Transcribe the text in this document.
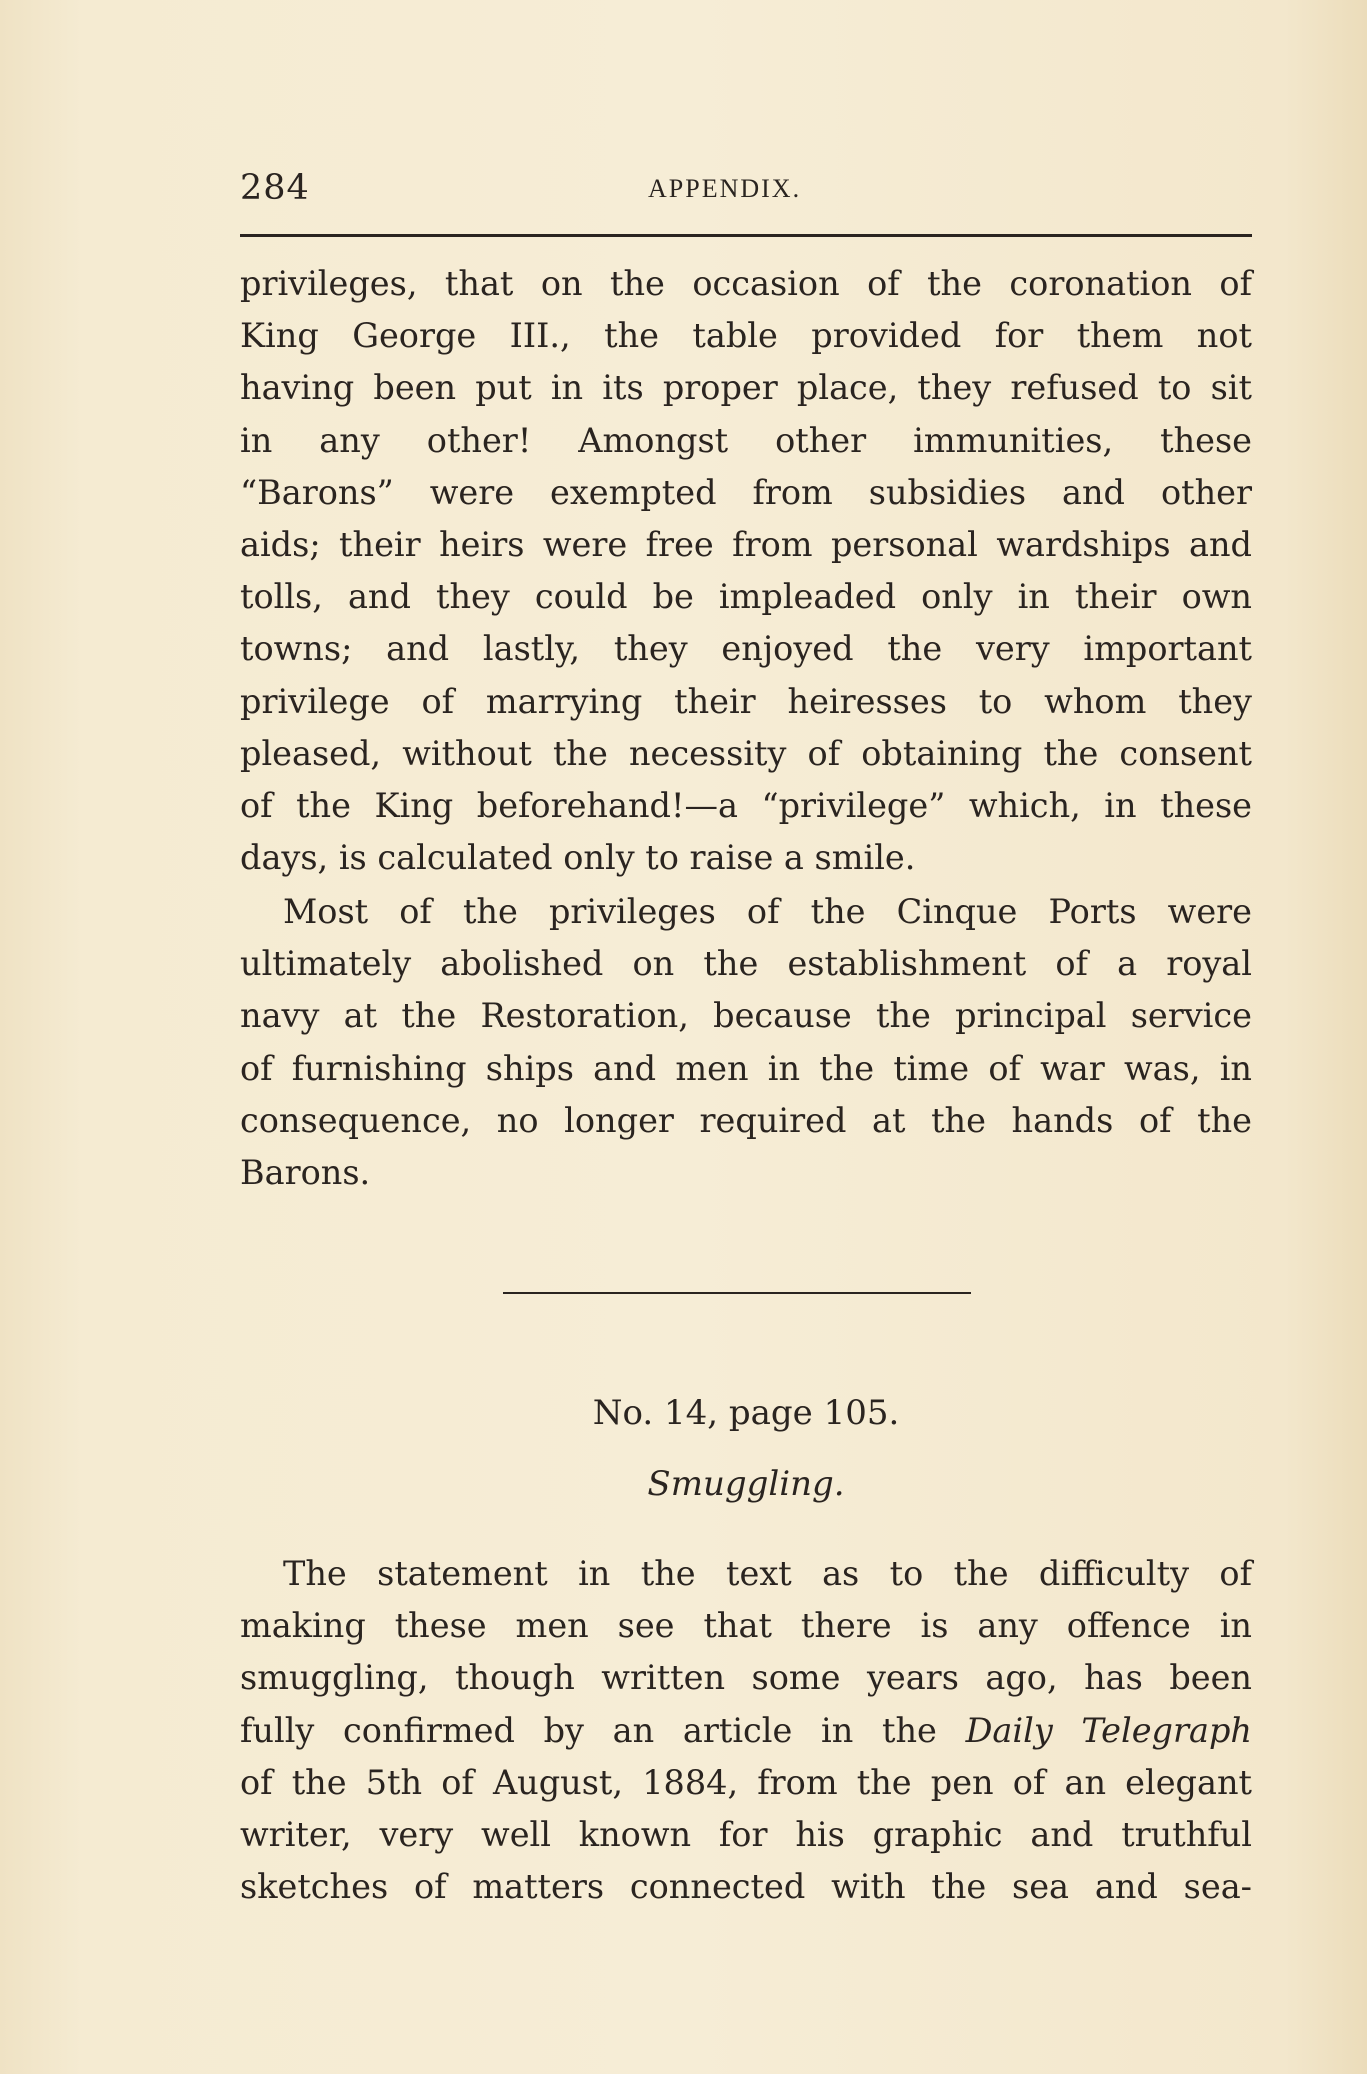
284	APPENDIX.
privileges, that on the occasion of the coronation of
King George III., the table provided for them not
having been put in its proper place, they refused to sit
in any other! Amongst other immunities, these
“Barons” were exempted from subsidies and other
aids; their heirs were free from personal wardships and
tolls, and they could be impleaded only in their own
towns; and lastly, they enjoyed the very important
privilege of marrying their heiresses to whom they
pleased, without the necessity of obtaining the consent
of the King beforehand!—a “privilege” which, in these
days, is calculated only to raise a smile.
Most of the privileges of the Cinque Ports were
ultimately abolished on the establishment of a royal
navy at the Restoration, because the principal service
of furnishing ships and men in the time of war was, in
consequence, no longer required at the hands of the
Barons.
No. 14, page 105.
Smuggling.
The statement in the text as to the difficulty of
making these men see that there is any offence in
smuggling, though written some years ago, has been
fully confirmed by an article in the Daily Telegraph
of the 5th of August, 1884, from the pen of an elegant
writer, very well known for his graphic and truthful
sketches of matters connected with the sea and sea-
